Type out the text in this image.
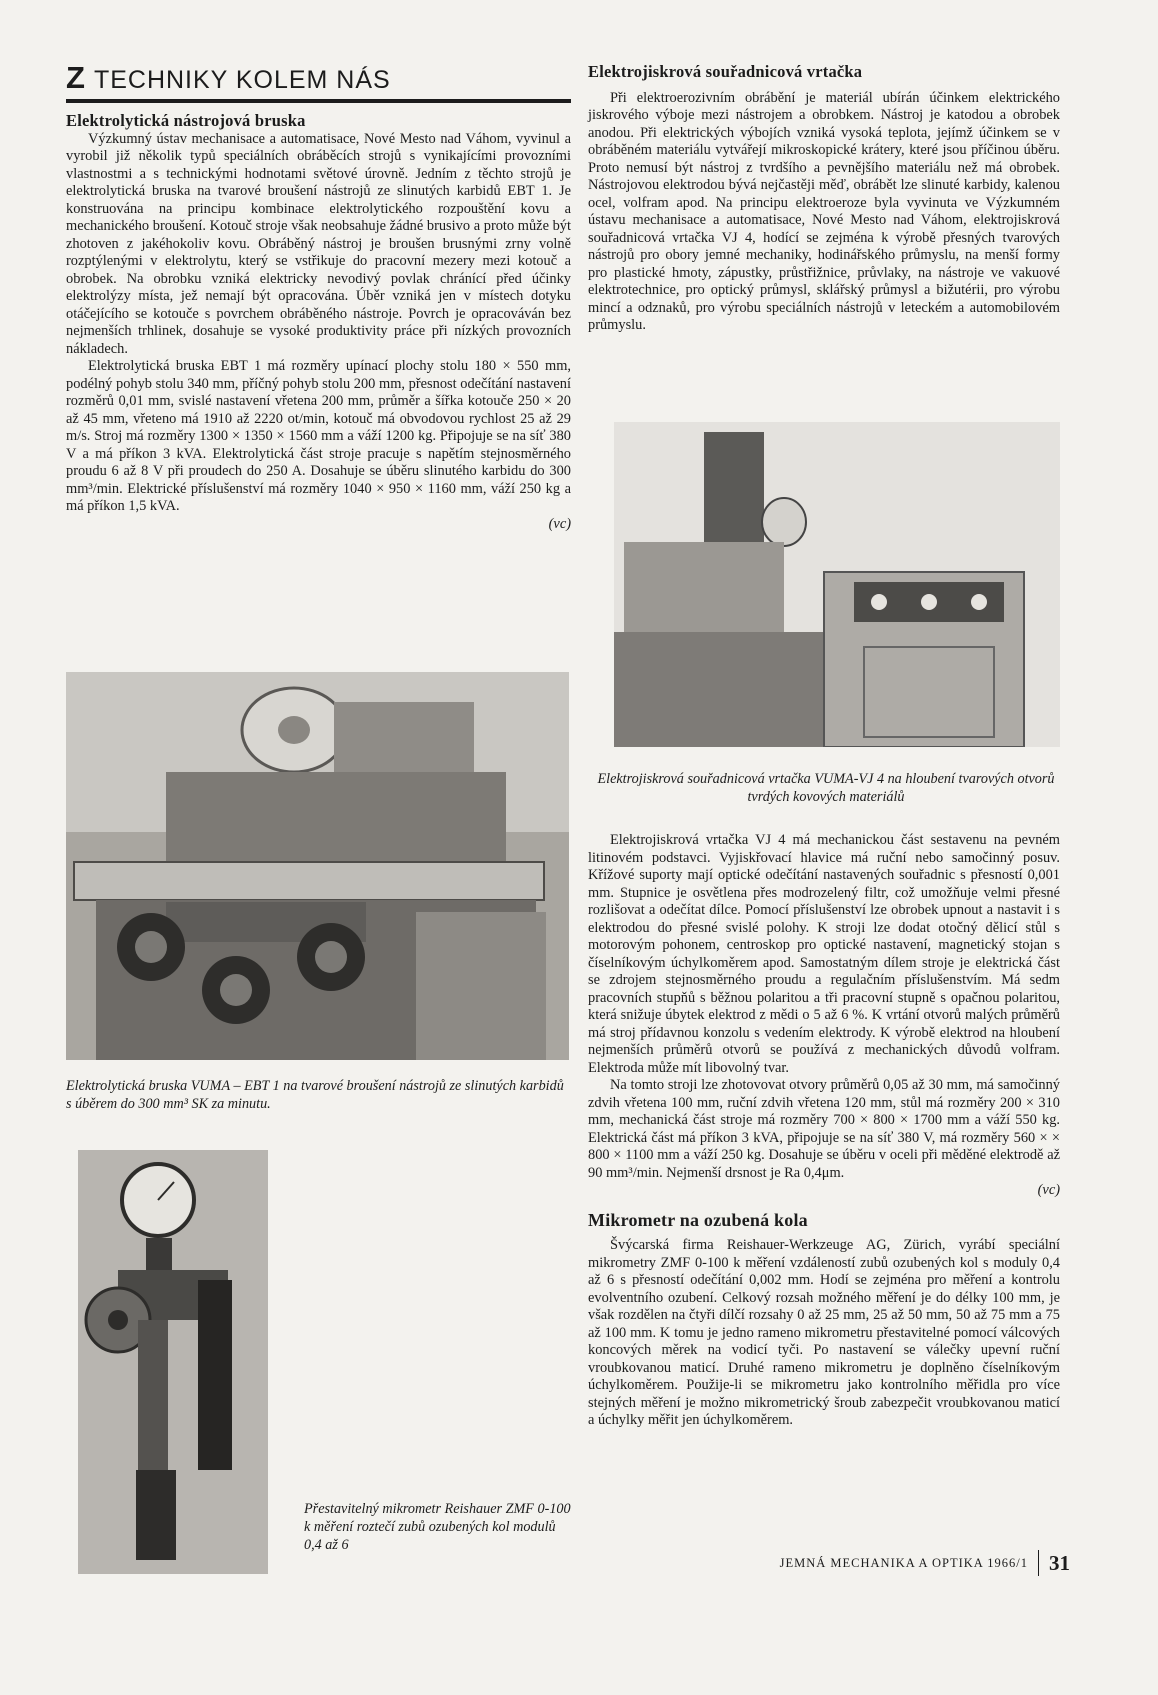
Z TECHNIKY KOLEM NÁS
Elektrolytická nástrojová bruska

Výzkumný ústav mechanisace a automatisace, Nové Mesto nad Váhom, vyvinul a vyrobil již několik typů speciálních obráběcích strojů s vynikajícími provozními vlastnostmi a s technickými hodnotami světové úrovně. Jedním z těchto strojů je elektrolytická bruska na tvarové broušení nástrojů ze slinutých karbidů EBT 1. Je konstruována na principu kombinace elektrolytického rozpouštění kovu a mechanického broušení. Kotouč stroje však neobsahuje žádné brusivo a proto může být zhotoven z jakéhokoliv kovu. Obráběný nástroj je broušen brusnými zrny volně rozptýlenými v elektrolytu, který se vstřikuje do pracovní mezery mezi kotouč a obrobek. Na obrobku vzniká elektricky nevodivý povlak chránící před účinky elektrolýzy místa, jež nemají být opracována. Úběr vzniká jen v místech dotyku otáčejícího se kotouče s povrchem obráběného nástroje. Povrch je opracováván bez nejmenších trhlinek, dosahuje se vysoké produktivity práce při nízkých provozních nákladech.

Elektrolytická bruska EBT 1 má rozměry upínací plochy stolu 180 × 550 mm, podélný pohyb stolu 340 mm, příčný pohyb stolu 200 mm, přesnost odečítání nastavení rozměrů 0,01 mm, svislé nastavení vřetena 200 mm, průměr a šířka kotouče 250 × 20 až 45 mm, vřeteno má 1910 až 2220 ot/min, kotouč má obvodovou rychlost 25 až 29 m/s. Stroj má rozměry 1300 × 1350 × 1560 mm a váží 1200 kg. Připojuje se na síť 380 V a má příkon 3 kVA. Elektrolytická část stroje pracuje s napětím stejnosměrného proudu 6 až 8 V při proudech do 250 A. Dosahuje se úběru slinutého karbidu do 300 mm³/min. Elektrické příslušenství má rozměry 1040 × 950 × 1160 mm, váží 250 kg a má příkon 1,5 kVA.

(vc)
Elektrolytická bruska VUMA – EBT 1 na tvarové broušení nástrojů ze slinutých karbidů s úběrem do 300 mm³ SK za minutu.
Přestavitelný mikrometr Reishauer ZMF 0-100 k měření roztečí zubů ozubených kol modulů 0,4 až 6
Elektrojiskrová souřadnicová vrtačka

Při elektroerozivním obrábění je materiál ubírán účinkem elektrického jiskrového výboje mezi nástrojem a obrobkem. Nástroj je katodou a obrobek anodou. Při elektrických výbojích vzniká vysoká teplota, jejímž účinkem se v obráběném materiálu vytvářejí mikroskopické krátery, které jsou příčinou úběru. Proto nemusí být nástroj z tvrdšího a pevnějšího materiálu než má obrobek. Nástrojovou elektrodou bývá nejčastěji měď, obrábět lze slinuté karbidy, kalenou ocel, volfram apod. Na principu elektroeroze byla vyvinuta ve Výzkumném ústavu mechanisace a automatisace, Nové Mesto nad Váhom, elektrojiskrová souřadnicová vrtačka VJ 4, hodící se zejména k výrobě přesných tvarových nástrojů pro obory jemné mechaniky, hodinářského průmyslu, na menší formy pro plastické hmoty, zápustky, průstřižnice, průvlaky, na nástroje ve vakuové elektrotechnice, pro optický průmysl, sklářský průmysl a bižutérii, pro výrobu mincí a odznaků, pro výrobu speciálních nástrojů v leteckém a automobilovém průmyslu.

Elektrojiskrová souřadnicová vrtačka VUMA-VJ 4 na hloubení tvarových otvorů tvrdých kovových materiálů

Elektrojiskrová vrtačka VJ 4 má mechanickou část sestavenu na pevném litinovém podstavci. Vyjiskřovací hlavice má ruční nebo samočinný posuv. Křížové suporty mají optické odečítání nastavených souřadnic s přesností 0,001 mm. Stupnice je osvětlena přes modrozelený filtr, což umožňuje velmi přesné rozlišovat a odečítat dílce. Pomocí příslušenství lze obrobek upnout a nastavit i s elektrodou do přesné svislé polohy. K stroji lze dodat otočný dělicí stůl s motorovým pohonem, centroskop pro optické nastavení, magnetický stojan s číselníkovým úchylkoměrem apod. Samostatným dílem stroje je elektrická část se zdrojem stejnosměrného proudu a regulačním příslušenstvím. Má sedm pracovních stupňů s běžnou polaritou a tři pracovní stupně s opačnou polaritou, která snižuje úbytek elektrod z mědi o 5 až 6 %. K vrtání otvorů malých průměrů má stroj přídavnou konzolu s vedením elektrody. K výrobě elektrod na hloubení nejmenších průměrů otvorů se používá z mechanických důvodů volfram. Elektroda může mít libovolný tvar.

Na tomto stroji lze zhotovovat otvory průměrů 0,05 až 30 mm, má samočinný zdvih vřetena 100 mm, ruční zdvih vřetena 120 mm, stůl má rozměry 200 × 310 mm, mechanická část stroje má rozměry 700 × 800 × 1700 mm a váží 550 kg. Elektrická část má příkon 3 kVA, připojuje se na síť 380 V, má rozměry 560 × × 800 × 1100 mm a váží 250 kg. Dosahuje se úběru v oceli při měděné elektrodě až 90 mm³/min. Nejmenší drsnost je Ra 0,4μm.

(vc)
Mikrometr na ozubená kola

Švýcarská firma Reishauer-Werkzeuge AG, Zürich, vyrábí speciální mikrometry ZMF 0-100 k měření vzdáleností zubů ozubených kol s moduly 0,4 až 6 s přesností odečítání 0,002 mm. Hodí se zejména pro měření a kontrolu evolventního ozubení. Celkový rozsah možného měření je do délky 100 mm, je však rozdělen na čtyři dílčí rozsahy 0 až 25 mm, 25 až 50 mm, 50 až 75 mm a 75 až 100 mm. K tomu je jedno rameno mikrometru přestavitelné pomocí válcových koncových měrek na vodicí tyči. Po nastavení se válečky upevní ruční vroubkovanou maticí. Druhé rameno mikrometru je doplněno číselníkovým úchylkoměrem. Použije-li se mikrometru jako kontrolního měřidla pro více stejných měření je možno mikrometrický šroub zabezpečit vroubkovanou maticí a úchylky měřit jen úchylkoměrem.

JEMNÁ MECHANIKA A OPTIKA 1966/1 31
